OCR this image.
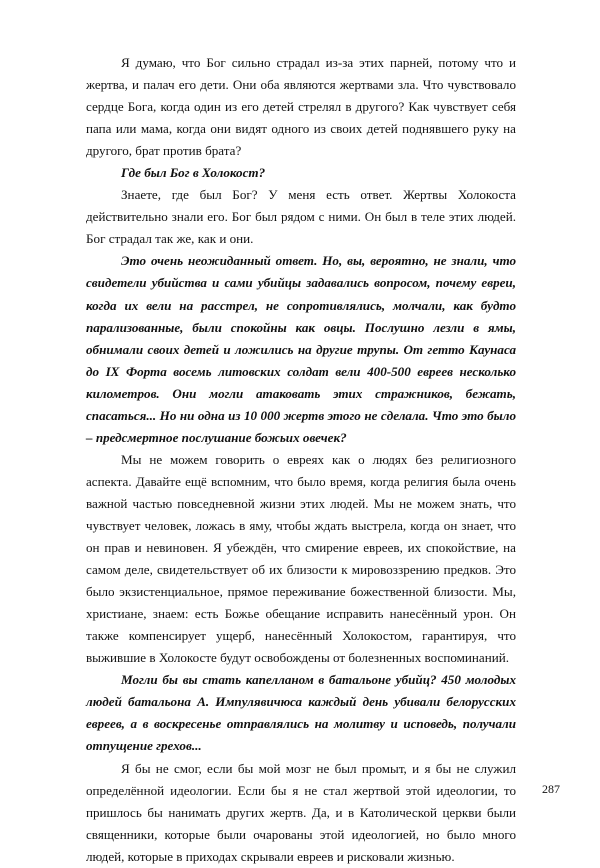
Я думаю, что Бог сильно страдал из-за этих парней, потому что и жертва, и палач его дети. Они оба являются жертвами зла. Что чувствовало сердце Бога, когда один из его детей стрелял в другого? Как чувствует себя папа или мама, когда они видят одного из своих детей поднявшего руку на другого, брат против брата?

Где был Бог в Холокост?

Знаете, где был Бог? У меня есть ответ. Жертвы Холокоста действительно знали его. Бог был рядом с ними. Он был в теле этих людей. Бог страдал так же, как и они.

Это очень неожиданный ответ. Но, вы, вероятно, не знали, что свидетели убийства и сами убийцы задавались вопросом, почему евреи, когда их вели на расстрел, не сопротивлялись, молчали, как будто парализованные, были спокойны как овцы. Послушно лезли в ямы, обнимали своих детей и ложились на другие трупы. От гетто Каунаса до IX Форта восемь литовских солдат вели 400-500 евреев несколько километров. Они могли атаковать этих стражников, бежать, спасаться... Но ни одна из 10 000 жертв этого не сделала. Что это было – предсмертное послушание божьих овечек?

Мы не можем говорить о евреях как о людях без религиозного аспекта. Давайте ещё вспомним, что было время, когда религия была очень важной частью повседневной жизни этих людей. Мы не можем знать, что чувствует человек, ложась в яму, чтобы ждать выстрела, когда он знает, что он прав и невиновен. Я убеждён, что смирение евреев, их спокойствие, на самом деле, свидетельствует об их близости к мировоззрению предков. Это было экзистенциальное, прямое переживание божественной близости. Мы, христиане, знаем: есть Божье обещание исправить нанесённый урон. Он также компенсирует ущерб, нанесённый Холокостом, гарантируя, что выжившие в Холокосте будут освобождены от болезненных воспоминаний.

Могли бы вы стать капелланом в батальоне убийц? 450 молодых людей батальона А. Импулявичюса каждый день убивали белорусских евреев, а в воскресенье отправлялись на молитву и исповедь, получали отпущение грехов...

Я бы не смог, если бы мой мозг не был промыт, и я бы не служил определённой идеологии. Если бы я не стал жертвой этой идеологии, то пришлось бы нанимать других жертв. Да, и в Католической церкви были священники, которые были очарованы этой идеологией, но было много людей, которые в приходах скрывали евреев и рисковали жизнью.

287
